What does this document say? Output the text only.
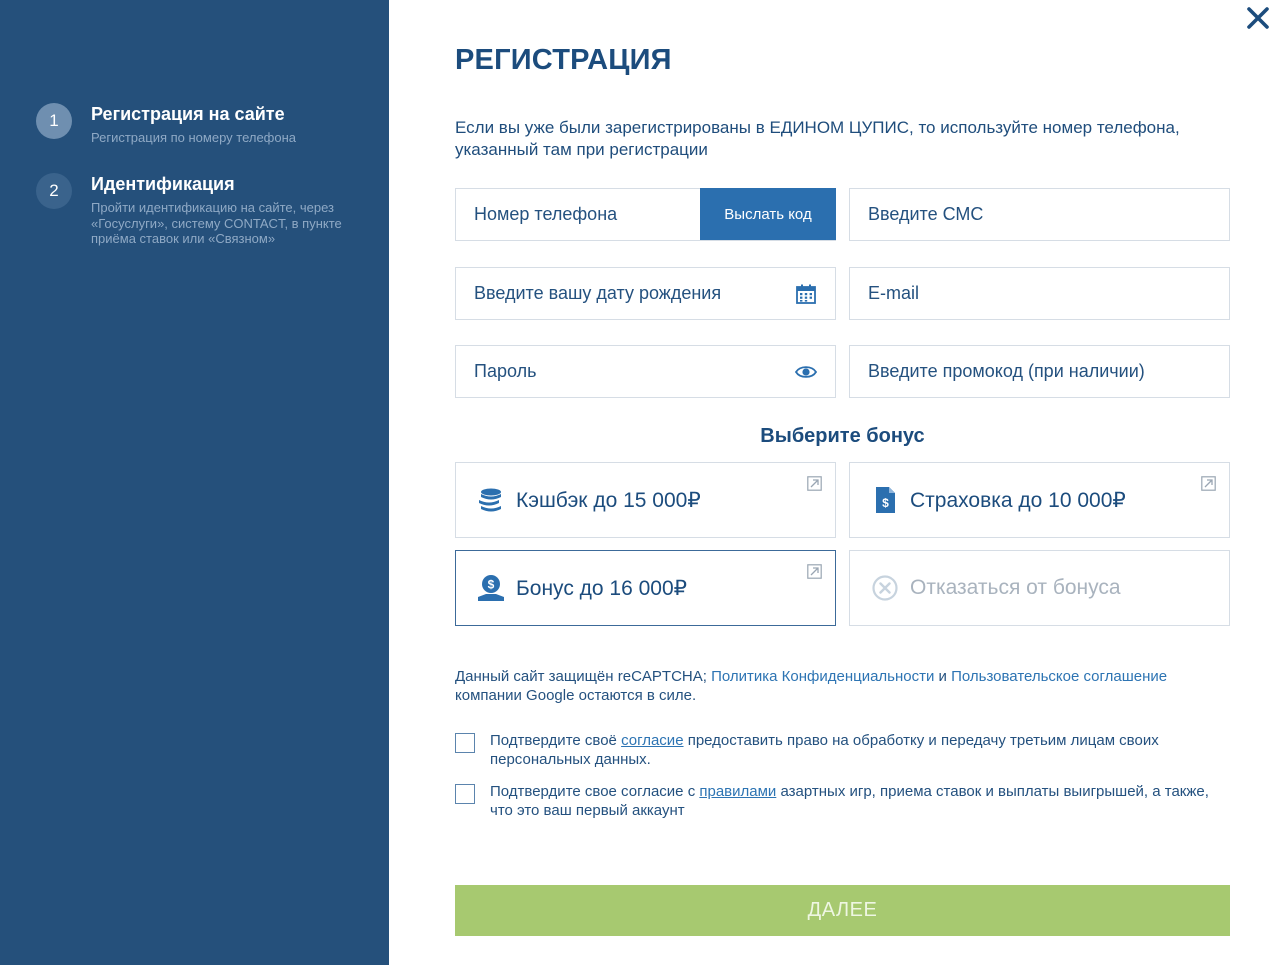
1	Регистрация на сайте
Регистрация по номеру телефона
2	Идентификация
Пройти идентификацию на сайте, через «Госуслуги», систему CONTACT, в пункте приёма ставок или «Связном»
РЕГИСТРАЦИЯ
Если вы уже были зарегистрированы в ЕДИНОМ ЦУПИС, то используйте номер телефона, указанный там при регистрации
Номер телефона	Выслать код	Введите СМС
Введите вашу дату рождения	E-mail
Пароль	Введите промокод (при наличии)
Выберите бонус
Кэшбэк до 15 000₽	$ Страховка до 10 000₽
$ Бонус до 16 000₽	Отказаться от бонуса
Данный сайт защищён reCAPTCHA; Политика Конфиденциальности и Пользовательское соглашение компании Google остаются в силе.
Подтвердите своё согласие предоставить право на обработку и передачу третьим лицам своих персональных данных.
Подтвердите свое согласие с правилами азартных игр, приема ставок и выплаты выигрышей, а также, что это ваш первый аккаунт
ДАЛЕЕ
